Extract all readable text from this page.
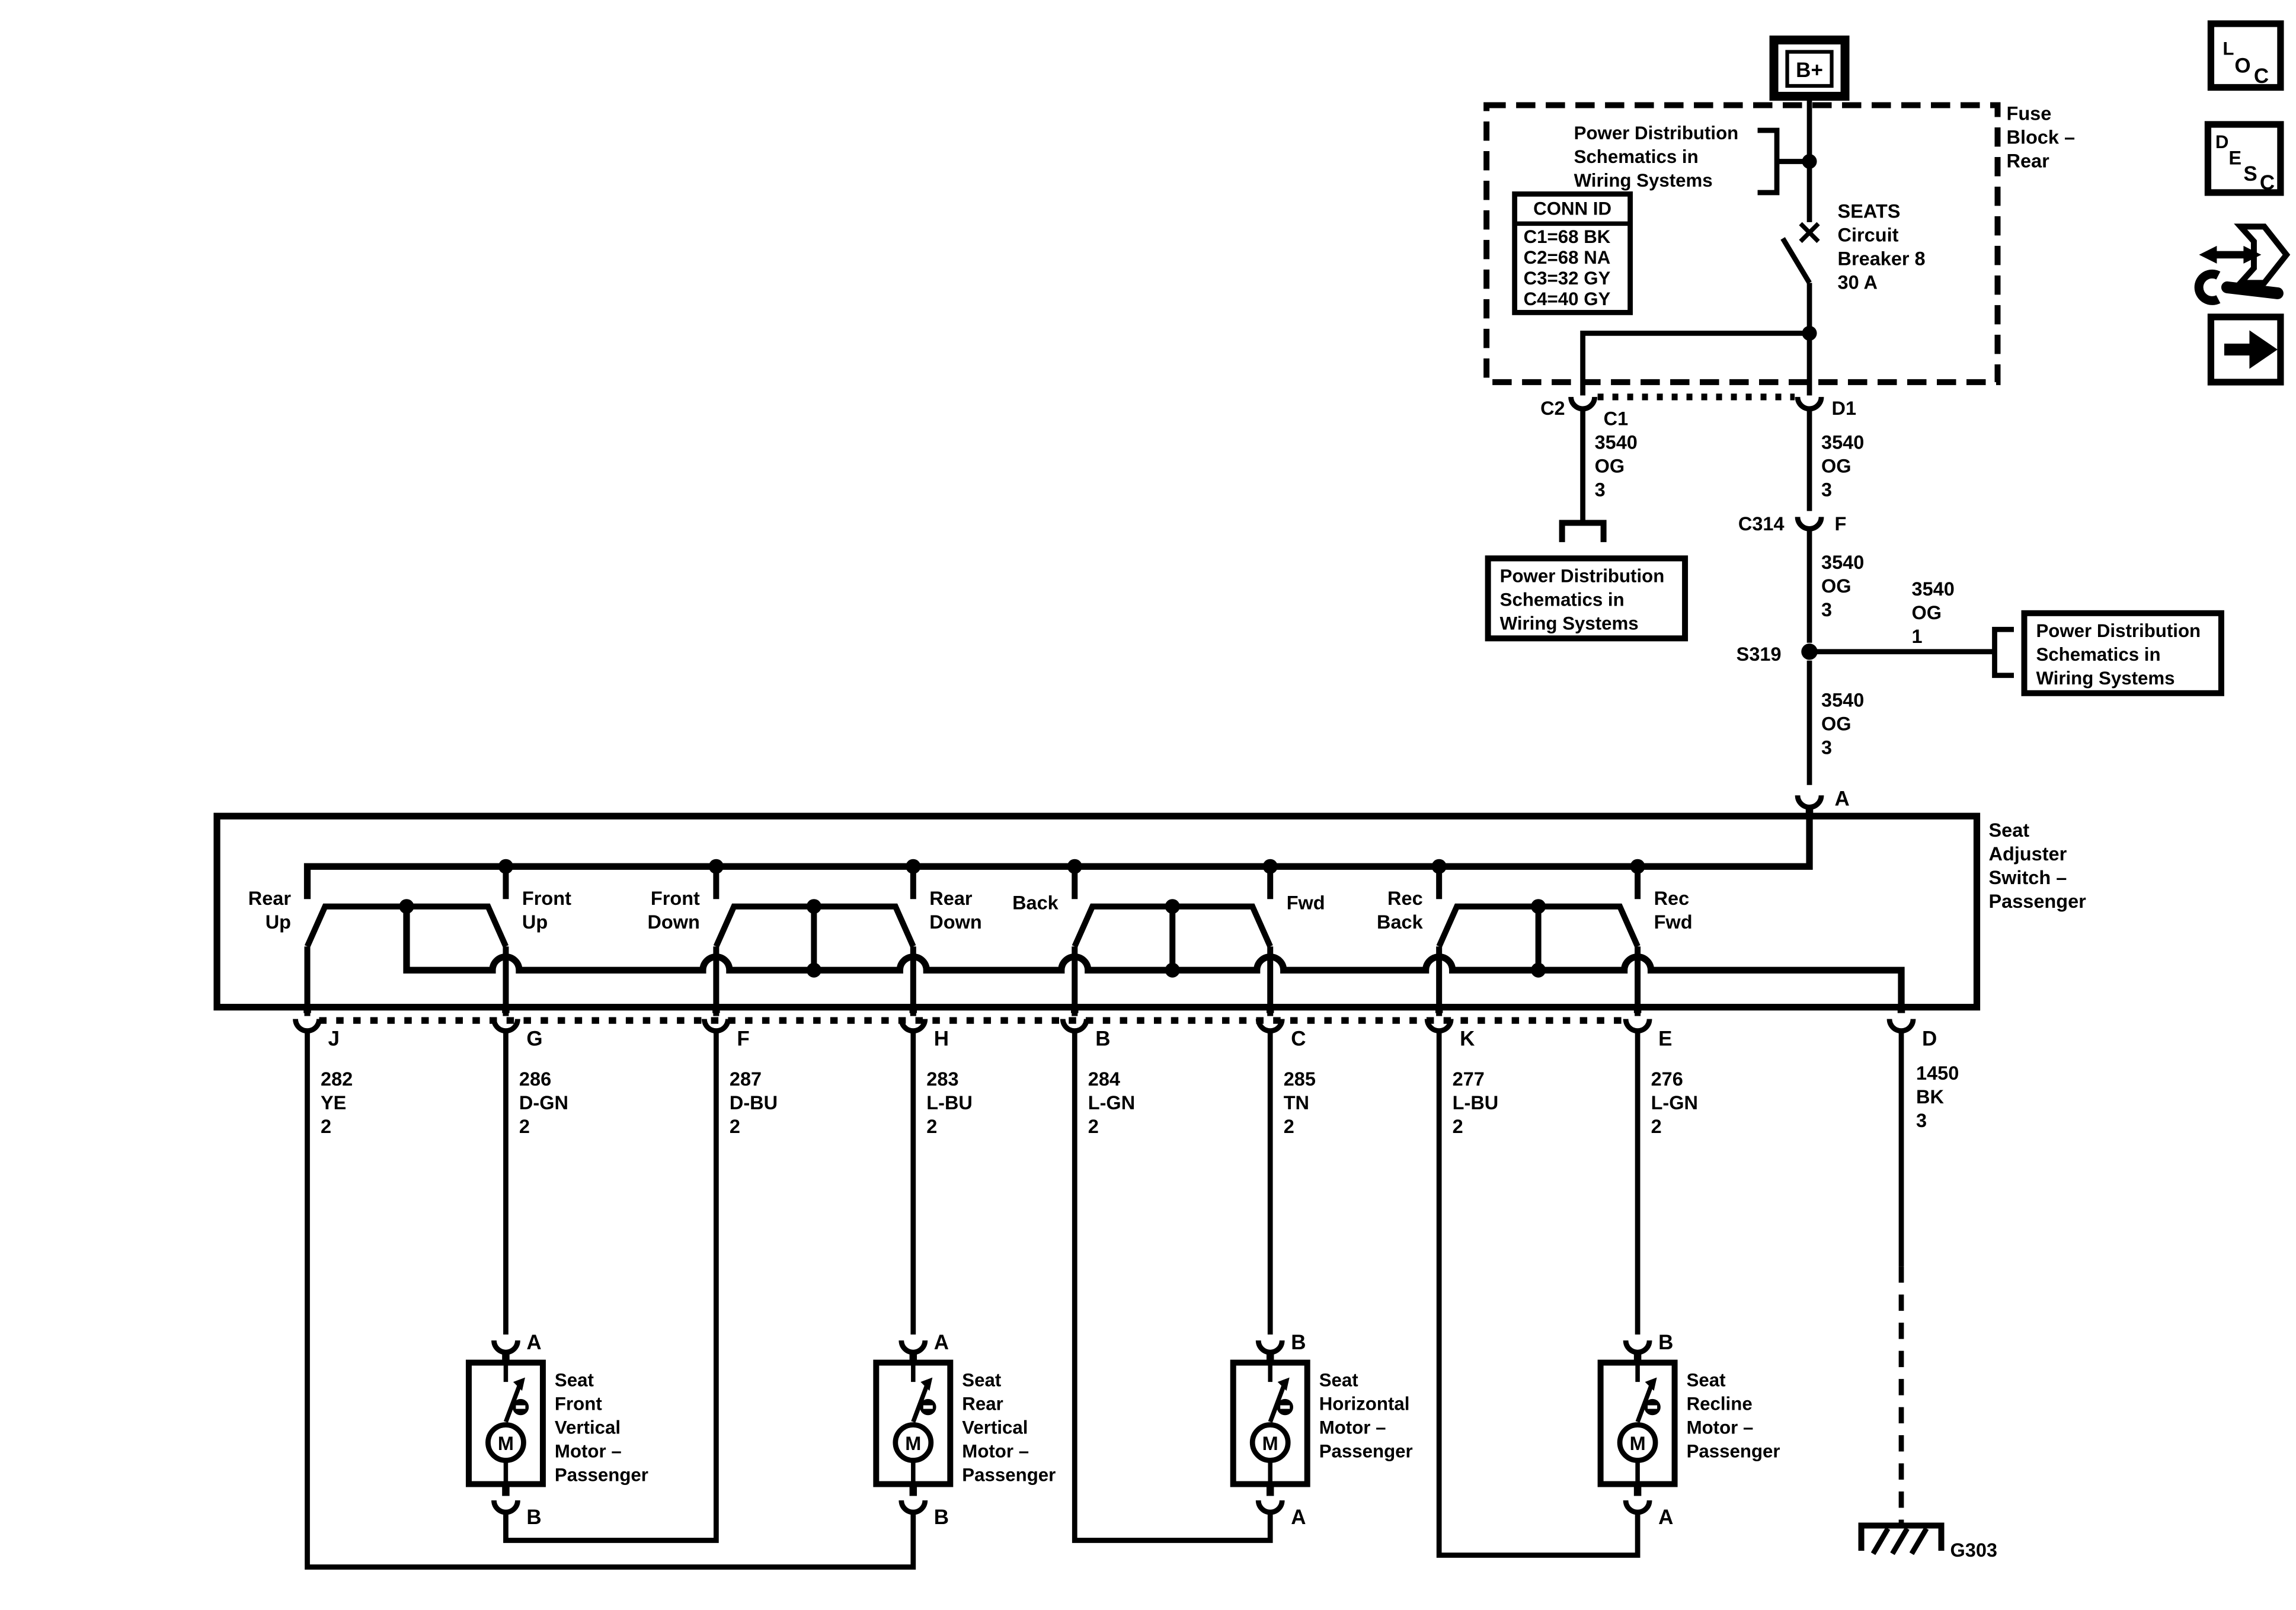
L
O C
D
E
S C
B+
Fuse
Block –
Rear
Power Distribution
Schematics in
Wiring Systems
CONN ID
C1=68 BK
C2=68 NA
C3=32 GY
C4=40 GY
SEATS
Circuit
Breaker 8
30 A
C2	C1	D1
3540
OG
3
Power Distribution
Schematics in
Wiring Systems
3540
OG
3
C314	F
3540
OG
3
S319
3540
OG
1	Power Distribution
Schematics in
Wiring Systems
3540
OG
3
A
Seat
Adjuster
Switch –
Passenger
Rear
Up
Front
Up
Front
Down
Rear
Down
Back	Fwd	Rec
Back
Rec
Fwd
J	G	F	H	B	C	K	E	D
282
YE
2
286
D-GN
2
287
D-BU
2
283
L-BU
2
284
L-GN
2
285
TN
2
277
L-BU
2
276
L-GN
2
1450
BK
3
A
M
B
Seat
Front
Vertical
Motor –
Passenger
A
M
B
Seat
Rear
Vertical
Motor –
Passenger
B
M
A
Seat
Horizontal
Motor –
Passenger
B
M
A
Seat
Recline
Motor –
Passenger
G303
